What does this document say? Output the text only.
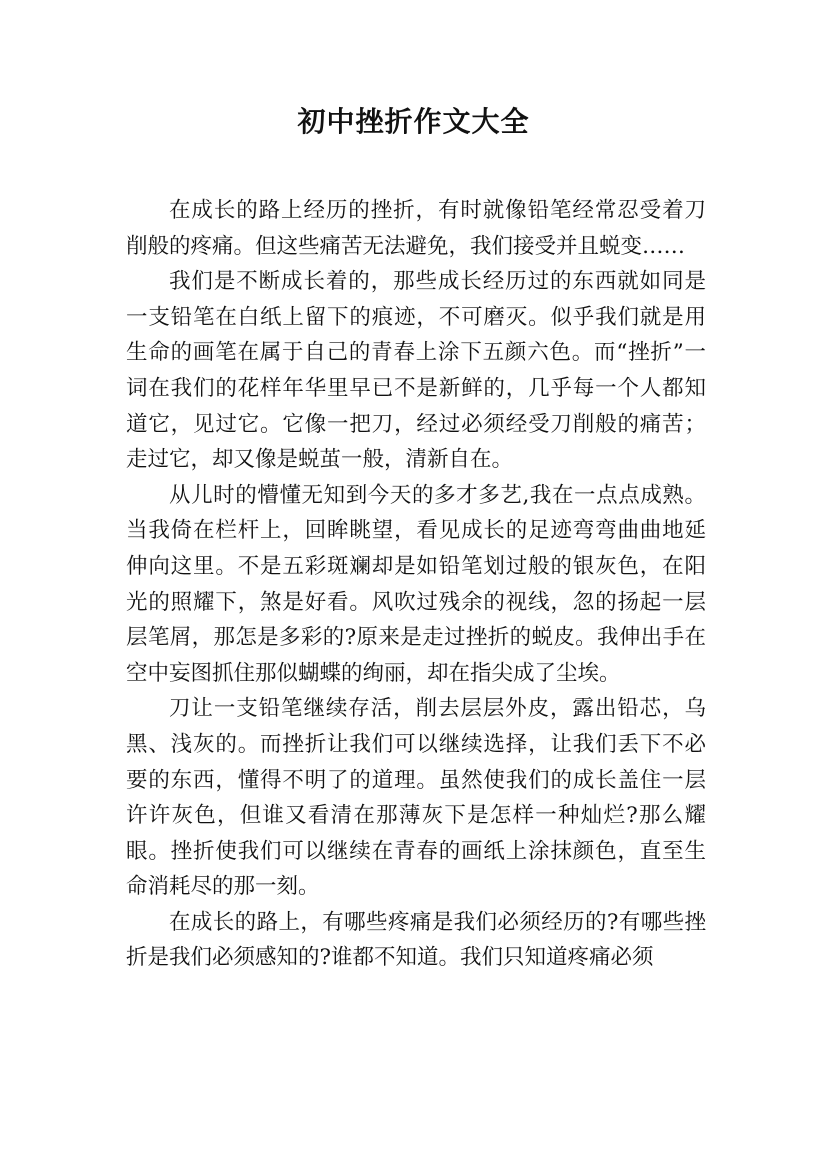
初中挫折作文大全

在成长的路上经历的挫折，有时就像铅笔经常忍受着刀削般的疼痛。但这些痛苦无法避免，我们接受并且蜕变……

我们是不断成长着的，那些成长经历过的东西就如同是一支铅笔在白纸上留下的痕迹，不可磨灭。似乎我们就是用生命的画笔在属于自己的青春上涂下五颜六色。而“挫折”一词在我们的花样年华里早已不是新鲜的，几乎每一个人都知道它，见过它。它像一把刀，经过必须经受刀削般的痛苦；走过它，却又像是蜕茧一般，清新自在。

从儿时的懵懂无知到今天的多才多艺,我在一点点成熟。当我倚在栏杆上，回眸眺望，看见成长的足迹弯弯曲曲地延伸向这里。不是五彩斑斓却是如铅笔划过般的银灰色，在阳光的照耀下，煞是好看。风吹过残余的视线，忽的扬起一层层笔屑，那怎是多彩的?原来是走过挫折的蜕皮。我伸出手在空中妄图抓住那似蝴蝶的绚丽，却在指尖成了尘埃。

刀让一支铅笔继续存活，削去层层外皮，露出铅芯，乌黑、浅灰的。而挫折让我们可以继续选择，让我们丢下不必要的东西，懂得不明了的道理。虽然使我们的成长盖住一层许许灰色，但谁又看清在那薄灰下是怎样一种灿烂?那么耀眼。挫折使我们可以继续在青春的画纸上涂抹颜色，直至生命消耗尽的那一刻。

在成长的路上，有哪些疼痛是我们必须经历的?有哪些挫折是我们必须感知的?谁都不知道。我们只知道疼痛必须
